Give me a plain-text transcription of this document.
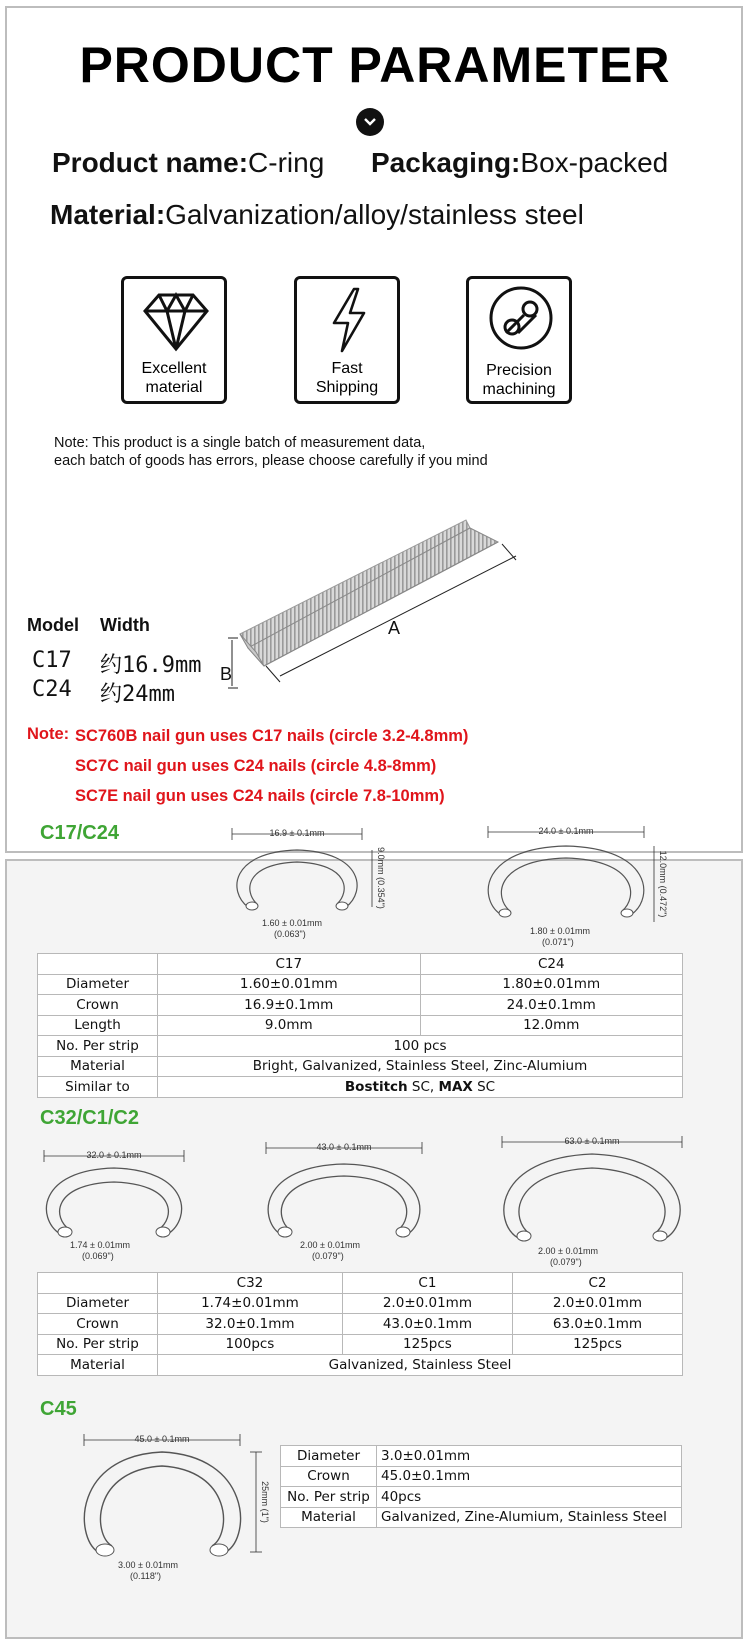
PRODUCT PARAMETER
Product name:C-ring Packaging:Box-packed
Material:Galvanization/alloy/stainless steel
Excellent
material
Fast
Shipping
Precision
machining
Note: This product is a single batch of measurement data,
each batch of goods has errors, please choose carefully if you mind
A
B
Model Width
C17 约16.9mm
C24 约24mm
Note: SC760B nail gun uses C17 nails (circle 3.2-4.8mm)
SC7C nail gun uses C24 nails (circle 4.8-8mm)
SC7E nail gun uses C24 nails (circle 7.8-10mm)
C17/C24	16.9 ± 0.1mm
9.0mm (0.354")
1.60 ± 0.01mm
(0.063")
24.0 ± 0.1mm
12.0mm (0.472")
1.80 ± 0.01mm
(0.071")
	C17	C24
Diameter	1.60±0.01mm	1.80±0.01mm
Crown	16.9±0.1mm	24.0±0.1mm
Length	9.0mm	12.0mm
No. Per strip	100 pcs	
Material	Bright, Galvanized, Stainless Steel, Zinc-Alumium	
Similar to	Bostitch SC, MAX SC	
C32/C1/C2
32.0 ± 0.1mm
1.74 ± 0.01mm
(0.069")
43.0 ± 0.1mm
2.00 ± 0.01mm
(0.079")
63.0 ± 0.1mm
2.00 ± 0.01mm
(0.079")
	C32	C1	C2
Diameter	1.74±0.01mm	2.0±0.01mm	2.0±0.01mm
Crown	32.0±0.1mm	43.0±0.1mm	63.0±0.1mm
No. Per strip	100pcs	125pcs	125pcs
Material	Galvanized, Stainless Steel		
C45
45.0 ± 0.1mm
25mm (1")
3.00 ± 0.01mm
(0.118")
Diameter	3.0±0.01mm
Crown	45.0±0.1mm
No. Per strip	40pcs
Material	Galvanized, Zine-Alumium, Stainless Steel
